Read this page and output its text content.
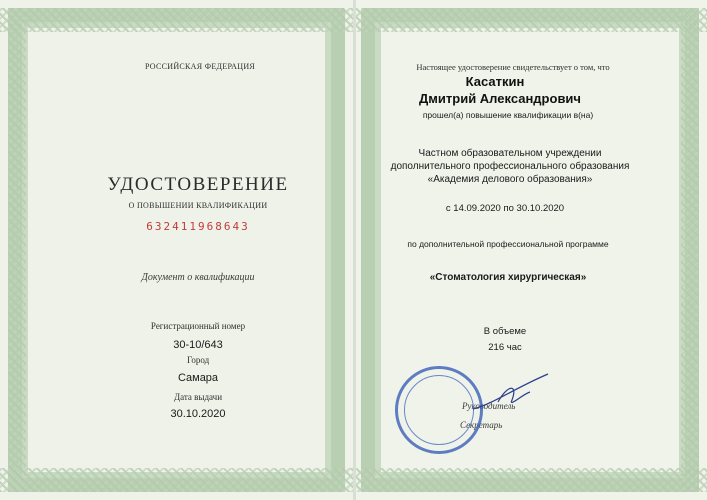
РОССИЙСКАЯ ФЕДЕРАЦИЯ
УДОСТОВЕРЕНИЕ
О ПОВЫШЕНИИ КВАЛИФИКАЦИИ
632411968643
Документ о квалификации
Регистрационный номер
30-10/643
Город
Самара
Дата выдачи
30.10.2020
Настоящее удостоверение свидетельствует о том, что
Касаткин
Дмитрий Александрович
прошел(а) повышение квалификации в(на)
Частном образовательном учреждении
дополнительного профессионального образования
«Академия делового образования»
с 14.09.2020 по 30.10.2020
по дополнительной профессиональной программе
«Стоматология хирургическая»
В объеме
216 час
Руководитель
Секретарь
